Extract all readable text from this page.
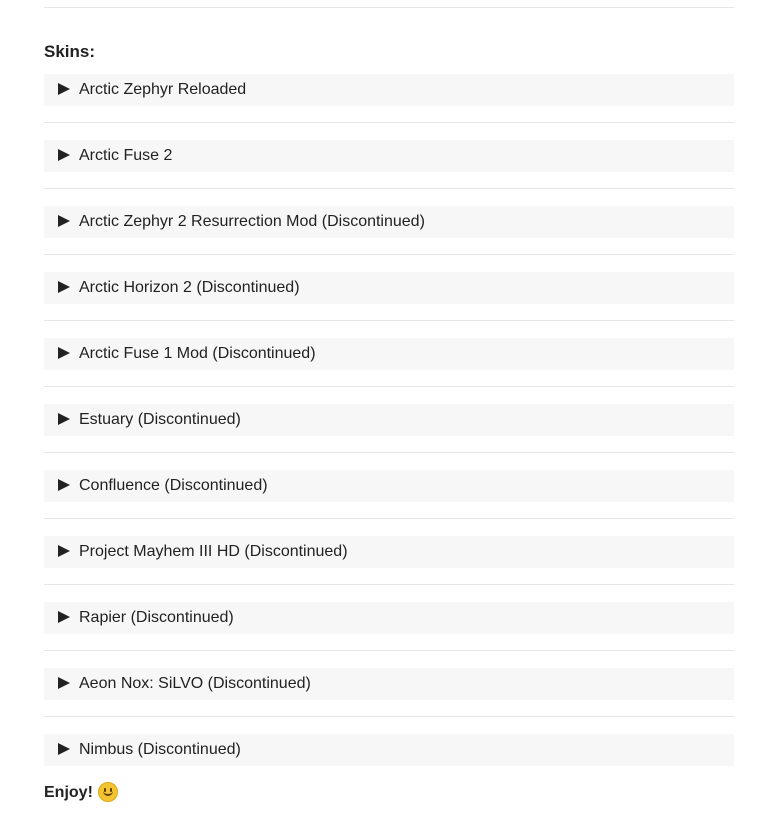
Skins:
Arctic Zephyr Reloaded
Arctic Fuse 2
Arctic Zephyr 2 Resurrection Mod (Discontinued)
Arctic Horizon 2 (Discontinued)
Arctic Fuse 1 Mod (Discontinued)
Estuary (Discontinued)
Confluence (Discontinued)
Project Mayhem III HD (Discontinued)
Rapier (Discontinued)
Aeon Nox: SiLVO (Discontinued)
Nimbus (Discontinued)
Enjoy!
